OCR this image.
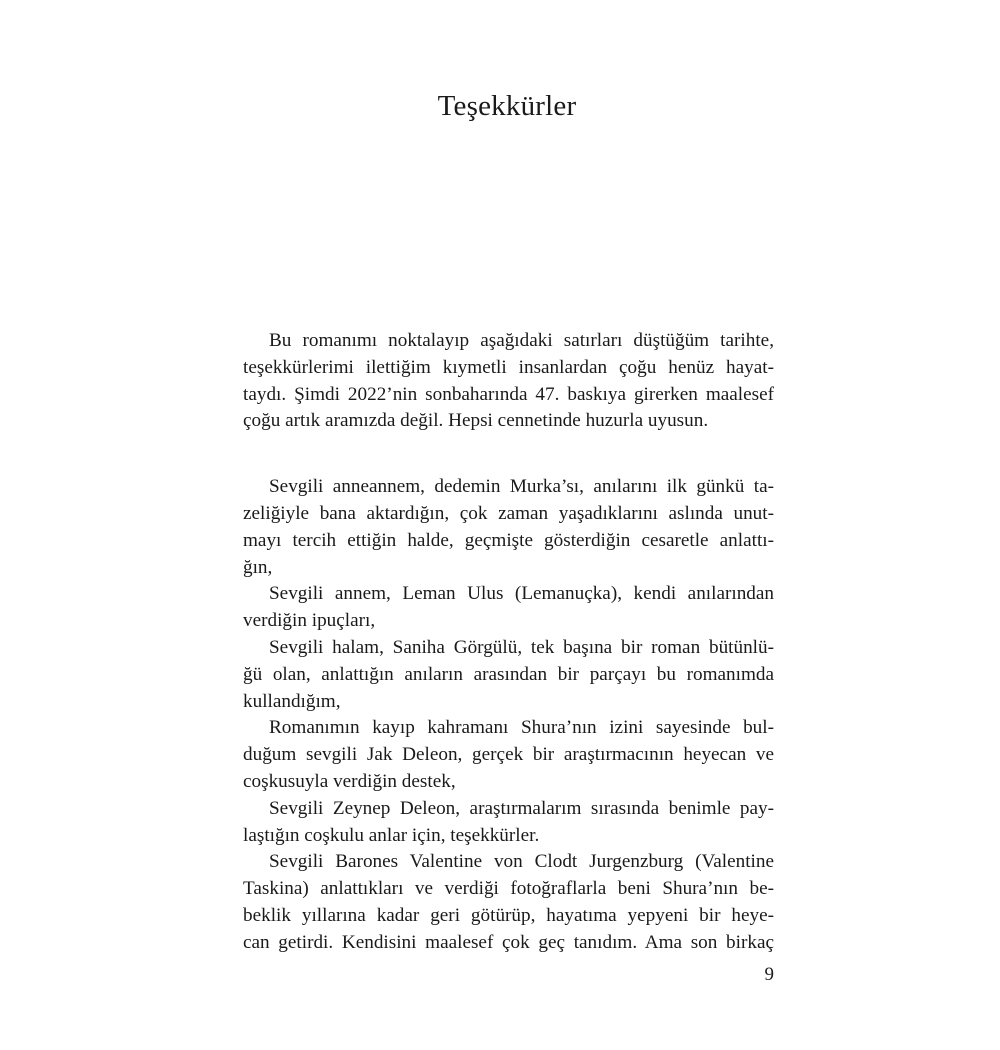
Teşekkürler
Bu romanımı noktalayıp aşağıdaki satırları düştüğüm tarihte,
teşekkürlerimi ilettiğim kıymetli insanlardan çoğu henüz hayat-
taydı. Şimdi 2022’nin sonbaharında 47. baskıya girerken maalesef
çoğu artık aramızda değil. Hepsi cennetinde huzurla uyusun.
Sevgili anneannem, dedemin Murka’sı, anılarını ilk günkü ta-
zeliğiyle bana aktardığın, çok zaman yaşadıklarını aslında unut-
mayı tercih ettiğin halde, geçmişte gösterdiğin cesaretle anlattı-
ğın,
Sevgili annem, Leman Ulus (Lemanuçka), kendi anılarından
verdiğin ipuçları,
Sevgili halam, Saniha Görgülü, tek başına bir roman bütünlü-
ğü olan, anlattığın anıların arasından bir parçayı bu romanımda
kullandığım,
Romanımın kayıp kahramanı Shura’nın izini sayesinde bul-
duğum sevgili Jak Deleon, gerçek bir araştırmacının heyecan ve
coşkusuyla verdiğin destek,
Sevgili Zeynep Deleon, araştırmalarım sırasında benimle pay-
laştığın coşkulu anlar için, teşekkürler.
Sevgili Barones Valentine von Clodt Jurgenzburg (Valentine
Taskina) anlattıkları ve verdiği fotoğraflarla beni Shura’nın be-
beklik yıllarına kadar geri götürüp, hayatıma yepyeni bir heye-
can getirdi. Kendisini maalesef çok geç tanıdım. Ama son birkaç
9
